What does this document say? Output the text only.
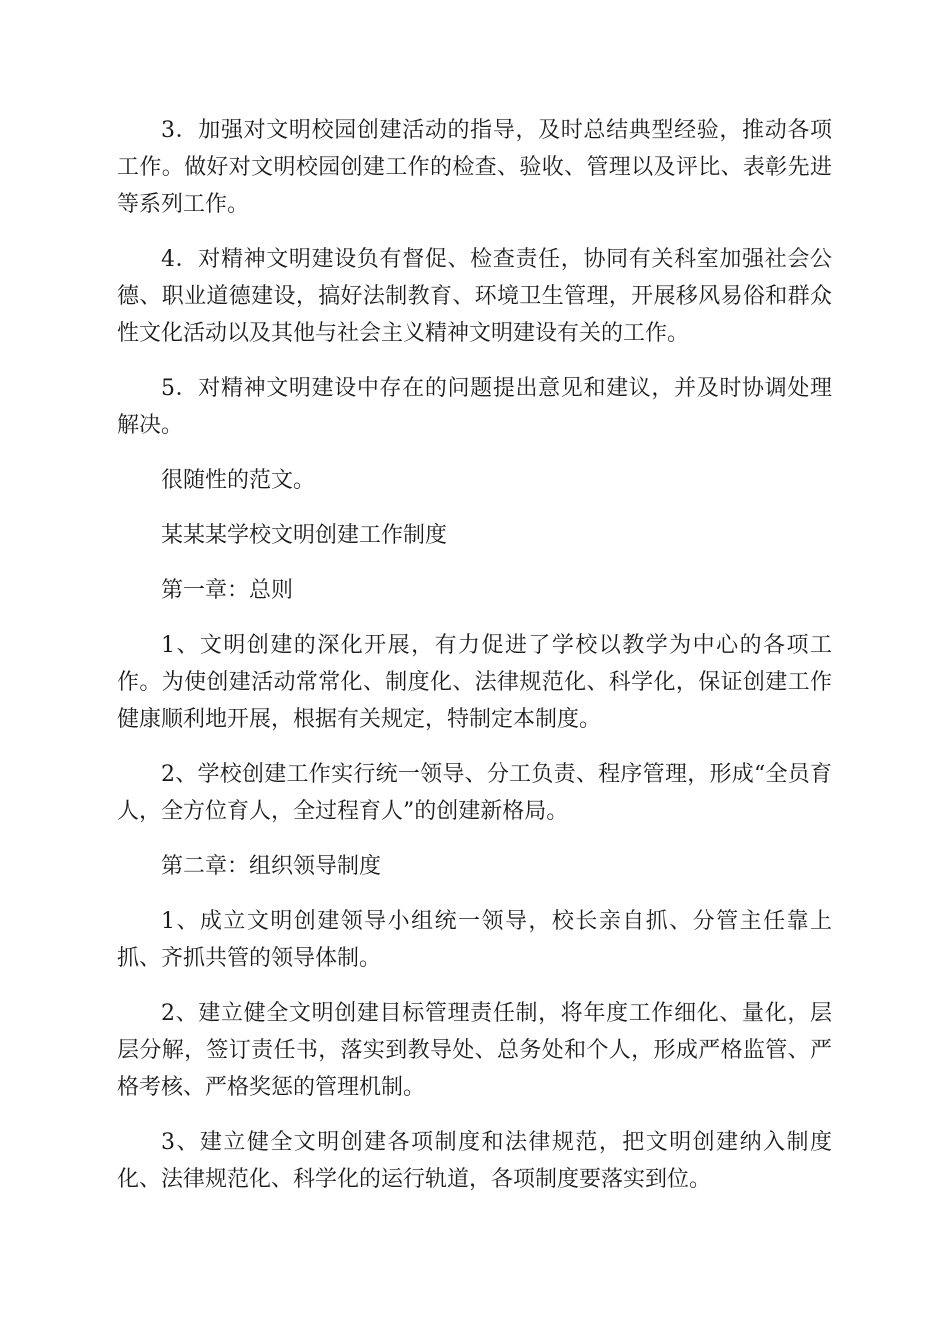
3．加强对文明校园创建活动的指导，及时总结典型经验，推动各项工作。做好对文明校园创建工作的检查、验收、管理以及评比、表彰先进等系列工作。

4．对精神文明建设负有督促、检查责任，协同有关科室加强社会公德、职业道德建设，搞好法制教育、环境卫生管理，开展移风易俗和群众性文化活动以及其他与社会主义精神文明建设有关的工作。

5．对精神文明建设中存在的问题提出意见和建议，并及时协调处理解决。

很随性的范文。

某某某学校文明创建工作制度

第一章：总则

1、文明创建的深化开展，有力促进了学校以教学为中心的各项工作。为使创建活动常常化、制度化、法律规范化、科学化，保证创建工作健康顺利地开展，根据有关规定，特制定本制度。

2、学校创建工作实行统一领导、分工负责、程序管理，形成“全员育人，全方位育人，全过程育人”的创建新格局。

第二章：组织领导制度

1、成立文明创建领导小组统一领导，校长亲自抓、分管主任靠上抓、齐抓共管的领导体制。

2、建立健全文明创建目标管理责任制，将年度工作细化、量化，层层分解，签订责任书，落实到教导处、总务处和个人，形成严格监管、严格考核、严格奖惩的管理机制。

3、建立健全文明创建各项制度和法律规范，把文明创建纳入制度化、法律规范化、科学化的运行轨道，各项制度要落实到位。
